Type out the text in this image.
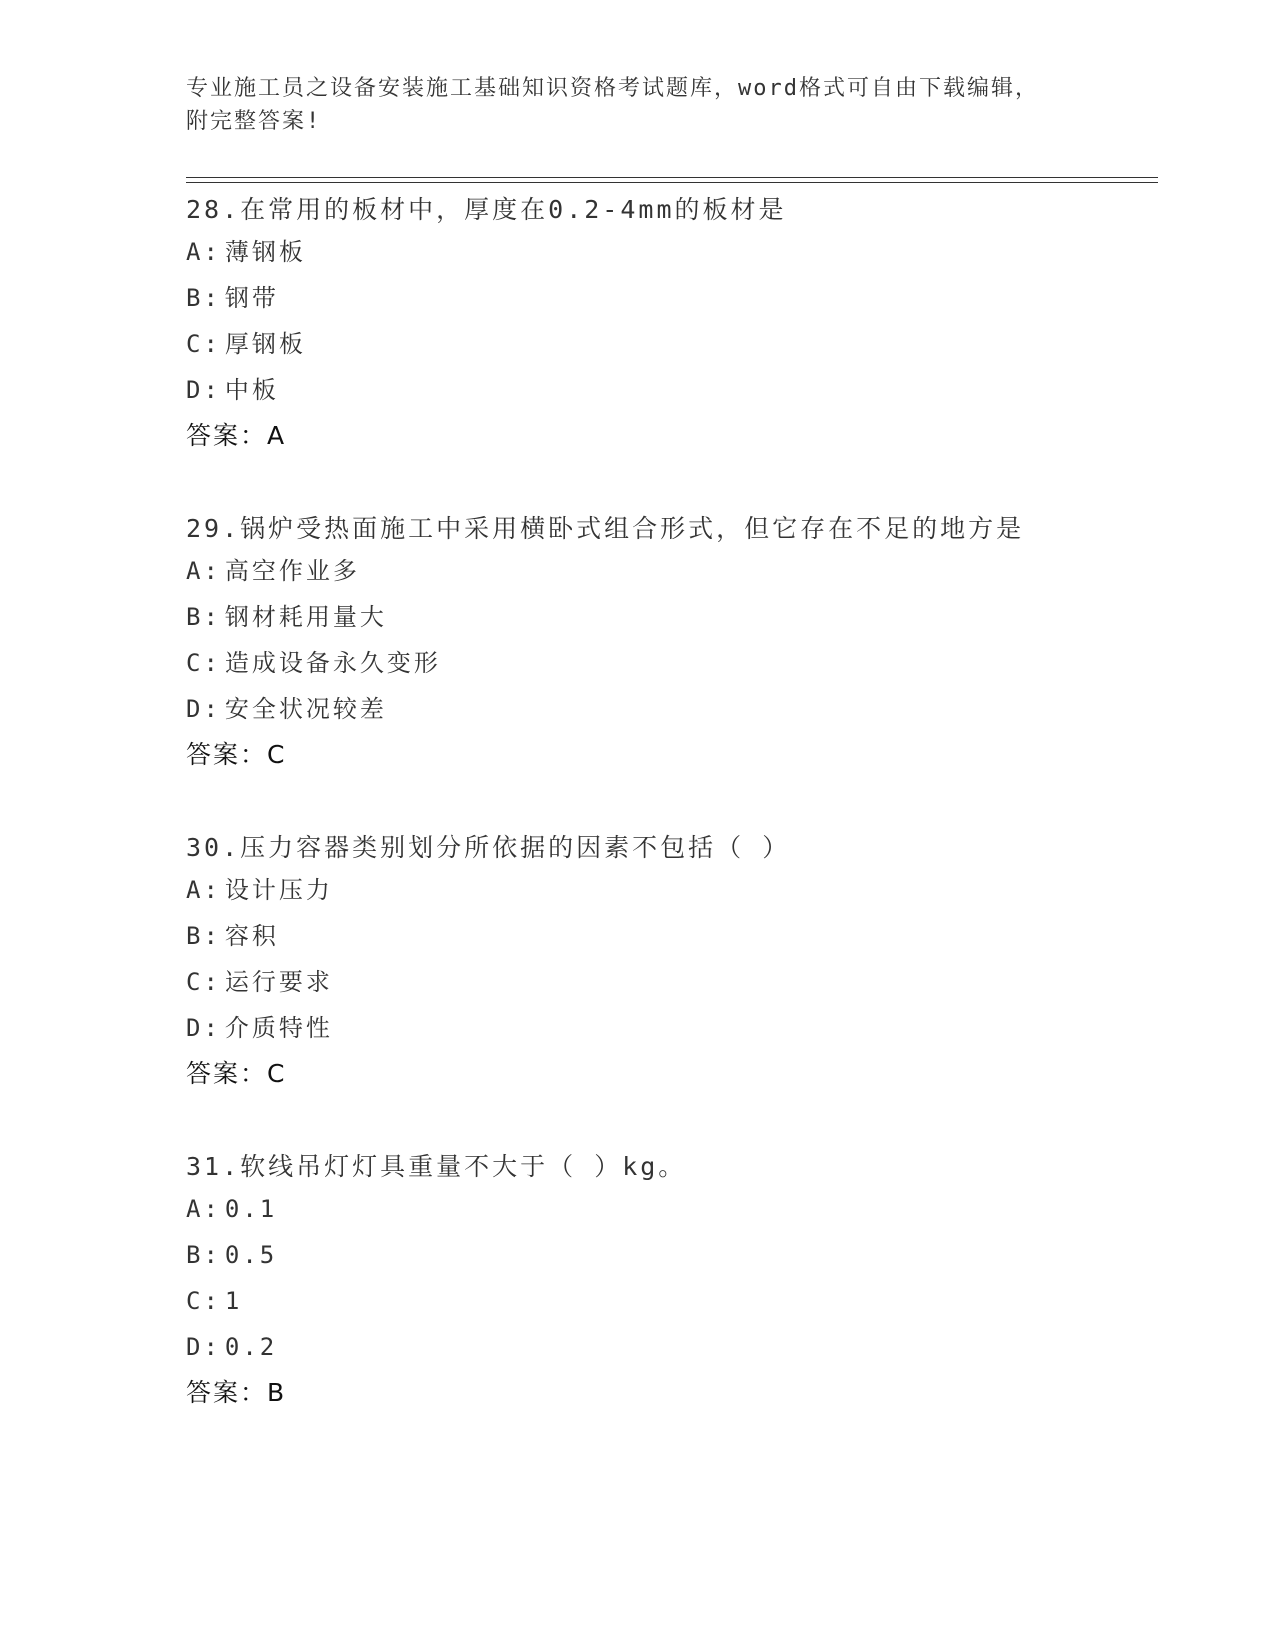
专业施工员之设备安装施工基础知识资格考试题库，word格式可自由下载编辑，
附完整答案!
28.在常用的板材中，厚度在0.2-4mm的板材是
A: 薄钢板
B: 钢带
C: 厚钢板
D: 中板
答案：A
29.锅炉受热面施工中采用横卧式组合形式，但它存在不足的地方是
A: 高空作业多
B: 钢材耗用量大
C: 造成设备永久变形
D: 安全状况较差
答案：C
30.压力容器类别划分所依据的因素不包括（ ）
A: 设计压力
B: 容积
C: 运行要求
D: 介质特性
答案：C
31.软线吊灯灯具重量不大于（ ）kg。
A: 0.1
B: 0.5
C: 1
D: 0.2
答案：B
